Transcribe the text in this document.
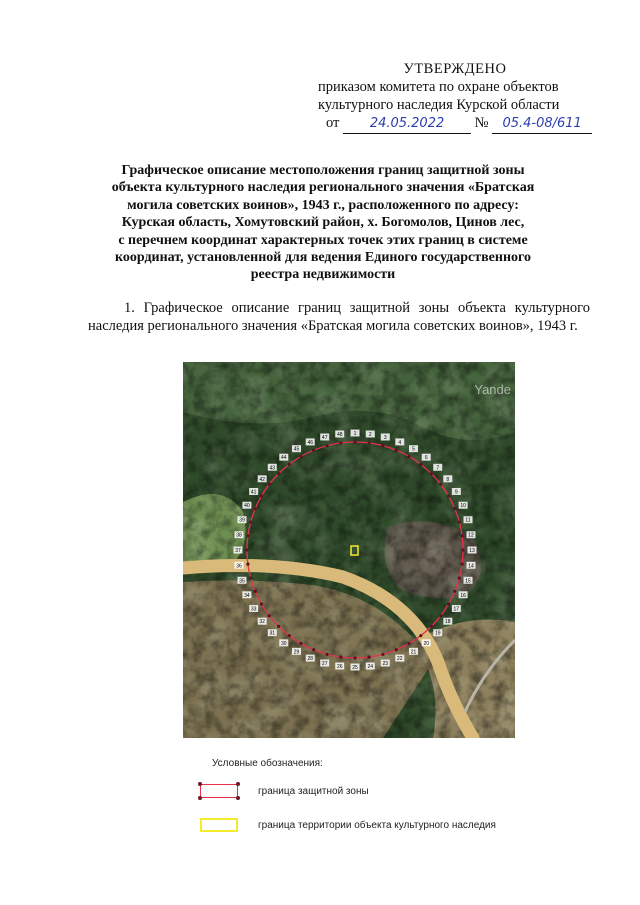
УТВЕРЖДЕНО
приказом комитета по охране объектов
культурного наследия Курской области
от 24.05.2022 № 05.4-08/611
Графическое описание местоположения границ защитной зоны
объекта культурного наследия регионального значения «Братская
могила советских воинов», 1943 г., расположенного по адресу:
Курская область, Хомутовский район, х. Богомолов, Цинов лес,
с перечнем координат характерных точек этих границ в системе
координат, установленной для ведения Единого государственного
реестра недвижимости
1. Графическое описание границ защитной зоны объекта культурного наследия регионального значения «Братская могила советских воинов», 1943 г.
1 2 3
4
5
6
7
8
9
10
11
12
13
14
15
16
17
18
19
20
21
22
23
24
25
26
27
28
29
30
31
32
33
34
35
36
37
38
39
40
41
42
43
44
45
46
47 48
Yande
Условные обозначения:
граница защитной зоны
граница территории объекта культурного наследия
